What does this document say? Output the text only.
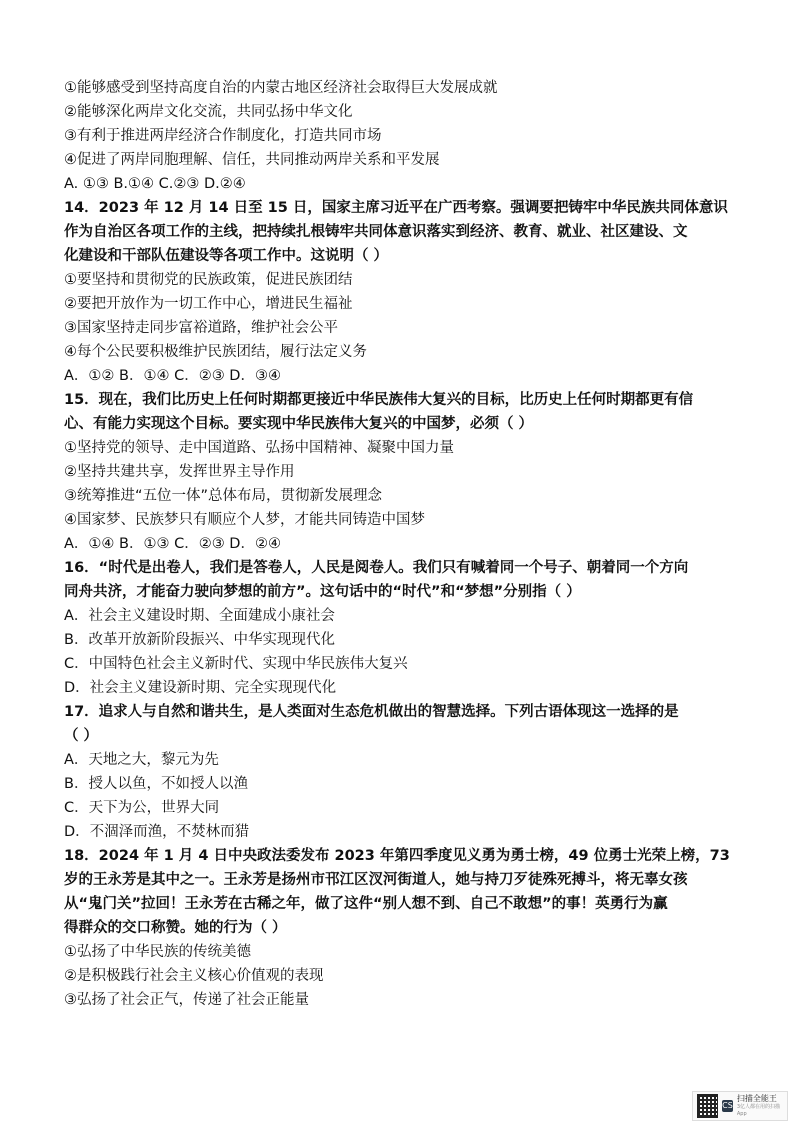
①能够感受到坚持高度自治的内蒙古地区经济社会取得巨大发展成就
②能够深化两岸文化交流，共同弘扬中华文化
③有利于推进两岸经济合作制度化，打造共同市场
④促进了两岸同胞理解、信任，共同推动两岸关系和平发展
A. ①③ B.①④ C.②③ D.②④
14．2023 年 12 月 14 日至 15 日，国家主席习近平在广西考察。强调要把铸牢中华民族共同体意识
作为自治区各项工作的主线，把持续扎根铸牢共同体意识落实到经济、教育、就业、社区建设、文
化建设和干部队伍建设等各项工作中。这说明（ ）
①要坚持和贯彻党的民族政策，促进民族团结
②要把开放作为一切工作中心，增进民生福祉
③国家坚持走同步富裕道路，维护社会公平
④每个公民要积极维护民族团结，履行法定义务
A．①② B．①④ C．②③ D．③④
15．现在，我们比历史上任何时期都更接近中华民族伟大复兴的目标，比历史上任何时期都更有信
心、有能力实现这个目标。要实现中华民族伟大复兴的中国梦，必须（ ）
①坚持党的领导、走中国道路、弘扬中国精神、凝聚中国力量
②坚持共建共享，发挥世界主导作用
③统筹推进“五位一体”总体布局，贯彻新发展理念
④国家梦、民族梦只有顺应个人梦，才能共同铸造中国梦
A．①④ B．①③ C．②③ D．②④
16．“时代是出卷人，我们是答卷人，人民是阅卷人。我们只有喊着同一个号子、朝着同一个方向
同舟共济，才能奋力驶向梦想的前方”。这句话中的“时代”和“梦想”分别指（ ）
A．社会主义建设时期、全面建成小康社会
B．改革开放新阶段振兴、中华实现现代化
C．中国特色社会主义新时代、实现中华民族伟大复兴
D．社会主义建设新时期、完全实现现代化
17．追求人与自然和谐共生，是人类面对生态危机做出的智慧选择。下列古语体现这一选择的是
（ ）
A．天地之大，黎元为先
B．授人以鱼，不如授人以渔
C．天下为公，世界大同
D．不涸泽而渔，不焚林而猎
18．2024 年 1 月 4 日中央政法委发布 2023 年第四季度见义勇为勇士榜，49 位勇士光荣上榜，73
岁的王永芳是其中之一。王永芳是扬州市邗江区汊河街道人，她与持刀歹徒殊死搏斗，将无辜女孩
从“鬼门关”拉回！王永芳在古稀之年，做了这件“别人想不到、自己不敢想”的事！英勇行为赢
得群众的交口称赞。她的行为（ ）
①弘扬了中华民族的传统美德
②是积极践行社会主义核心价值观的表现
③弘扬了社会正气，传递了社会正能量
CS
扫描全能王
3亿人都在用的扫描App
